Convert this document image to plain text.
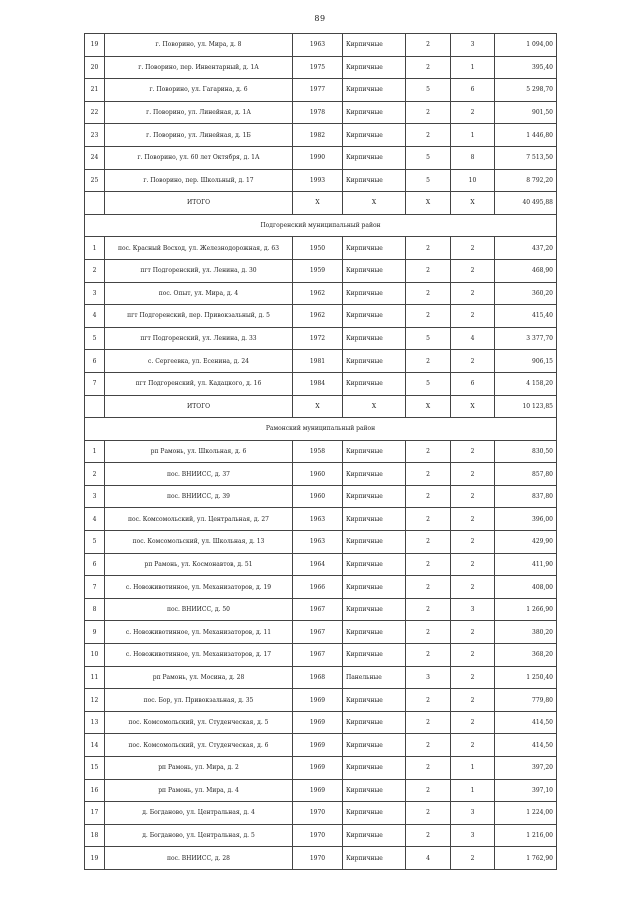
89
19	г. Поворино, ул. Мира, д. 8	1963	Кирпичные	2	3	1 094,00
20	г. Поворино, пер. Инвентарный, д. 1А	1975	Кирпичные	2	1	395,40
21	г. Поворино, ул. Гагарина, д. 6	1977	Кирпичные	5	6	5 298,70
22	г. Поворино, ул. Линейная, д. 1А	1978	Кирпичные	2	2	901,50
23	г. Поворино, ул. Линейная, д. 1Б	1982	Кирпичные	2	1	1 446,80
24	г. Поворино, ул. 60 лет Октября, д. 1А	1990	Кирпичные	5	8	7 513,50
25	г. Поворино, пер. Школьный, д. 17	1993	Кирпичные	5	10	8 792,20
	ИТОГО	Х	Х	Х	Х	40 495,88
Подгоренский муниципальный район						
1	пос. Красный Восход, ул. Железнодорожная, д. 63	1950	Кирпичные	2	2	437,20
2	пгт Подгоренский, ул. Ленина, д. 30	1959	Кирпичные	2	2	468,90
3	пос. Опыт, ул. Мира, д. 4	1962	Кирпичные	2	2	360,20
4	пгт Подгоренский, пер. Привокзальный, д. 5	1962	Кирпичные	2	2	415,40
5	пгт Подгоренский, ул. Ленина, д. 33	1972	Кирпичные	5	4	3 377,70
6	с. Сергеевка, ул. Есенина, д. 24	1981	Кирпичные	2	2	906,15
7	пгт Подгоренский, ул. Кадацкого, д. 16	1984	Кирпичные	5	6	4 158,20
	ИТОГО	Х	Х	Х	Х	10 123,85
Рамонский муниципальный район						
1	рп Рамонь, ул. Школьная, д. 6	1958	Кирпичные	2	2	830,50
2	пос. ВНИИСС, д. 37	1960	Кирпичные	2	2	857,80
3	пос. ВНИИСС, д. 39	1960	Кирпичные	2	2	837,80
4	пос. Комсомольский, ул. Центральная, д. 27	1963	Кирпичные	2	2	396,00
5	пос. Комсомольский, ул. Школьная, д. 13	1963	Кирпичные	2	2	429,90
6	рп Рамонь, ул. Космонавтов, д. 51	1964	Кирпичные	2	2	411,90
7	с. Новоживотинное, ул. Механизаторов, д. 19	1966	Кирпичные	2	2	408,00
8	пос. ВНИИСС, д. 50	1967	Кирпичные	2	3	1 266,90
9	с. Новоживотинное, ул. Механизаторов, д. 11	1967	Кирпичные	2	2	380,20
10	с. Новоживотинное, ул. Механизаторов, д. 17	1967	Кирпичные	2	2	368,20
11	рп Рамонь, ул. Мосина, д. 28	1968	Панельные	3	2	1 250,40
12	пос. Бор, ул. Привокзальная, д. 35	1969	Кирпичные	2	2	779,80
13	пос. Комсомольский, ул. Студенческая, д. 5	1969	Кирпичные	2	2	414,50
14	пос. Комсомольский, ул. Студенческая, д. 6	1969	Кирпичные	2	2	414,50
15	рп Рамонь, ул. Мира, д. 2	1969	Кирпичные	2	1	397,20
16	рп Рамонь, ул. Мира, д. 4	1969	Кирпичные	2	1	397,10
17	д. Богданово, ул. Центральная, д. 4	1970	Кирпичные	2	3	1 224,00
18	д. Богданово, ул. Центральная, д. 5	1970	Кирпичные	2	3	1 216,00
19	пос. ВНИИСС, д. 28	1970	Кирпичные	4	2	1 762,90
